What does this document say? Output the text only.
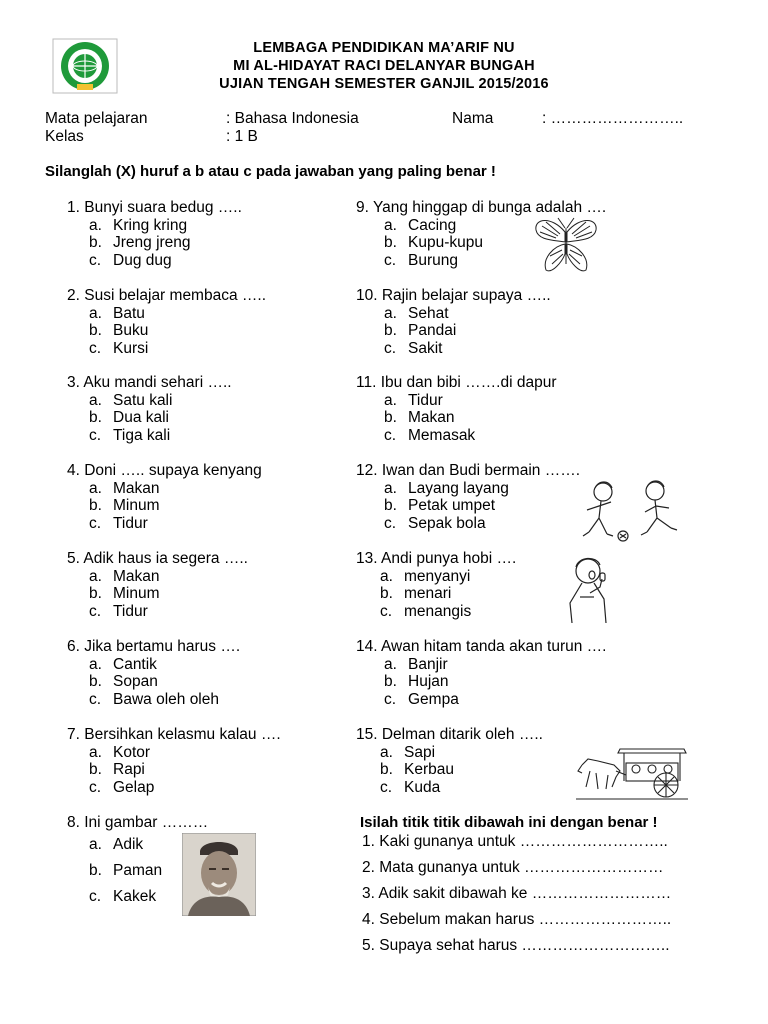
LEMBAGA PENDIDIKAN MA’ARIF NU
MI AL-HIDAYAT RACI DELANYAR BUNGAH
UJIAN TENGAH SEMESTER GANJIL 2015/2016
Mata pelajaran	: Bahasa Indonesia	Nama	: ……………………..
Kelas	: 1 B
Silanglah (X) huruf a b atau c pada jawaban yang paling benar !
1. Bunyi suara bedug …..
a. Kring kring
b. Jreng jreng
c. Dug dug
2. Susi belajar membaca …..
a. Batu
b. Buku
c. Kursi
3. Aku mandi sehari …..
a. Satu kali
b. Dua kali
c. Tiga kali
4. Doni ….. supaya kenyang
a. Makan
b. Minum
c. Tidur
5. Adik haus ia segera …..
a. Makan
b. Minum
c. Tidur
6. Jika bertamu harus ….
a. Cantik
b. Sopan
c. Bawa oleh oleh
7. Bersihkan kelasmu kalau ….
a. Kotor
b. Rapi
c. Gelap
8. Ini gambar ………
a. Adik
b. Paman
c. Kakek
9. Yang hinggap di bunga adalah ….
a. Cacing
b. Kupu-kupu
c. Burung
10. Rajin belajar supaya …..
a. Sehat
b. Pandai
c. Sakit
11. Ibu dan bibi …….di dapur
a. Tidur
b. Makan
c. Memasak
12. Iwan dan Budi bermain …….
a. Layang layang
b. Petak umpet
c. Sepak bola
13. Andi punya hobi ….
a. menyanyi
b. menari
c. menangis
14. Awan hitam tanda akan turun ….
a. Banjir
b. Hujan
c. Gempa
15. Delman ditarik oleh …..
a. Sapi
b. Kerbau
c. Kuda
Isilah titik titik dibawah ini dengan benar !
1. Kaki gunanya untuk ………………………..
2. Mata gunanya untuk ………………………
3. Adik sakit dibawah ke ………………………
4. Sebelum makan harus ……………………..
5. Supaya sehat harus ………………………..
